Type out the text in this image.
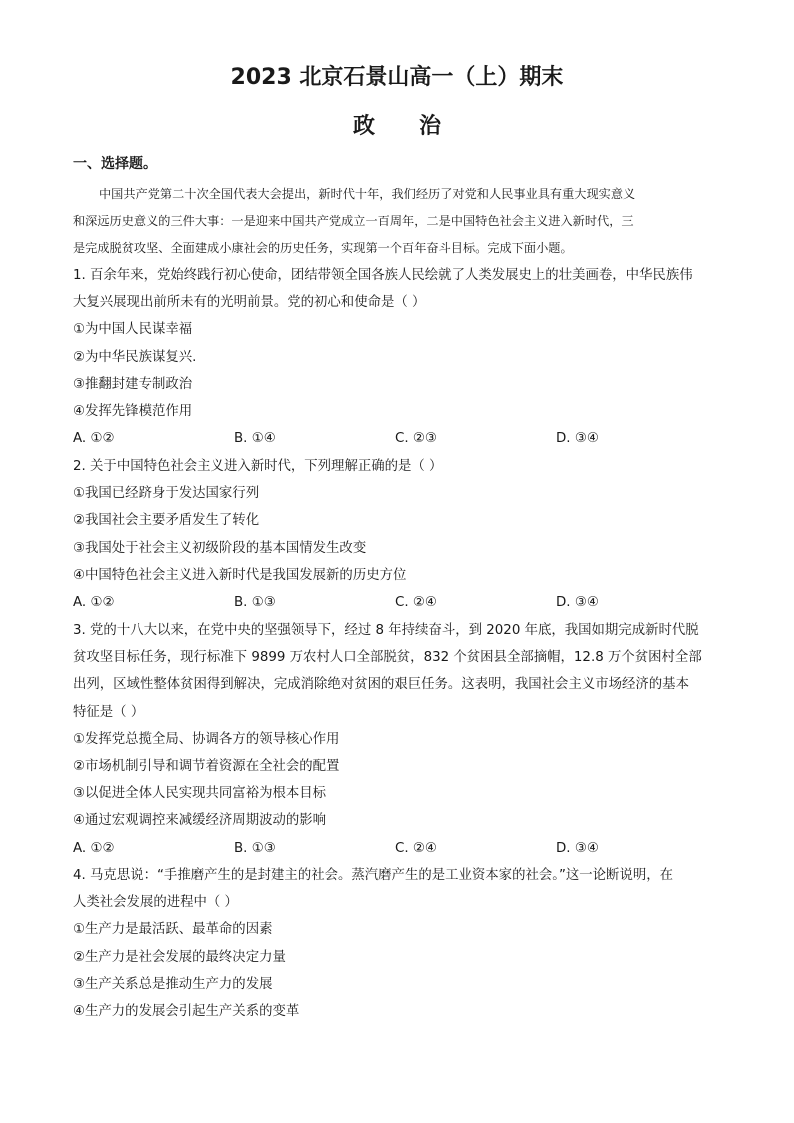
2023 北京石景山高一（上）期末
政 治
一、选择题。
中国共产党第二十次全国代表大会提出，新时代十年，我们经历了对党和人民事业具有重大现实意义
和深远历史意义的三件大事：一是迎来中国共产党成立一百周年，二是中国特色社会主义进入新时代，三
是完成脱贫攻坚、全面建成小康社会的历史任务，实现第一个百年奋斗目标。完成下面小题。
1. 百余年来，党始终践行初心使命，团结带领全国各族人民绘就了人类发展史上的壮美画卷，中华民族伟
大复兴展现出前所未有的光明前景。党的初心和使命是（ ）
①为中国人民谋幸福
②为中华民族谋复兴.
③推翻封建专制政治
④发挥先锋模范作用
A. ①②	B. ①④	C. ②③	D. ③④
2. 关于中国特色社会主义进入新时代，下列理解正确的是（ ）
①我国已经跻身于发达国家行列
②我国社会主要矛盾发生了转化
③我国处于社会主义初级阶段的基本国情发生改变
④中国特色社会主义进入新时代是我国发展新的历史方位
A. ①②	B. ①③	C. ②④	D. ③④
3. 党的十八大以来，在党中央的坚强领导下，经过 8 年持续奋斗，到 2020 年底，我国如期完成新时代脱
贫攻坚目标任务，现行标准下 9899 万农村人口全部脱贫，832 个贫困县全部摘帽，12.8 万个贫困村全部
出列，区域性整体贫困得到解决，完成消除绝对贫困的艰巨任务。这表明，我国社会主义市场经济的基本
特征是（ ）
①发挥党总揽全局、协调各方的领导核心作用
②市场机制引导和调节着资源在全社会的配置
③以促进全体人民实现共同富裕为根本目标
④通过宏观调控来减缓经济周期波动的影响
A. ①②	B. ①③	C. ②④	D. ③④
4. 马克思说：“手推磨产生的是封建主的社会。蒸汽磨产生的是工业资本家的社会。”这一论断说明，在
人类社会发展的进程中（ ）
①生产力是最活跃、最革命的因素
②生产力是社会发展的最终决定力量
③生产关系总是推动生产力的发展
④生产力的发展会引起生产关系的变革
